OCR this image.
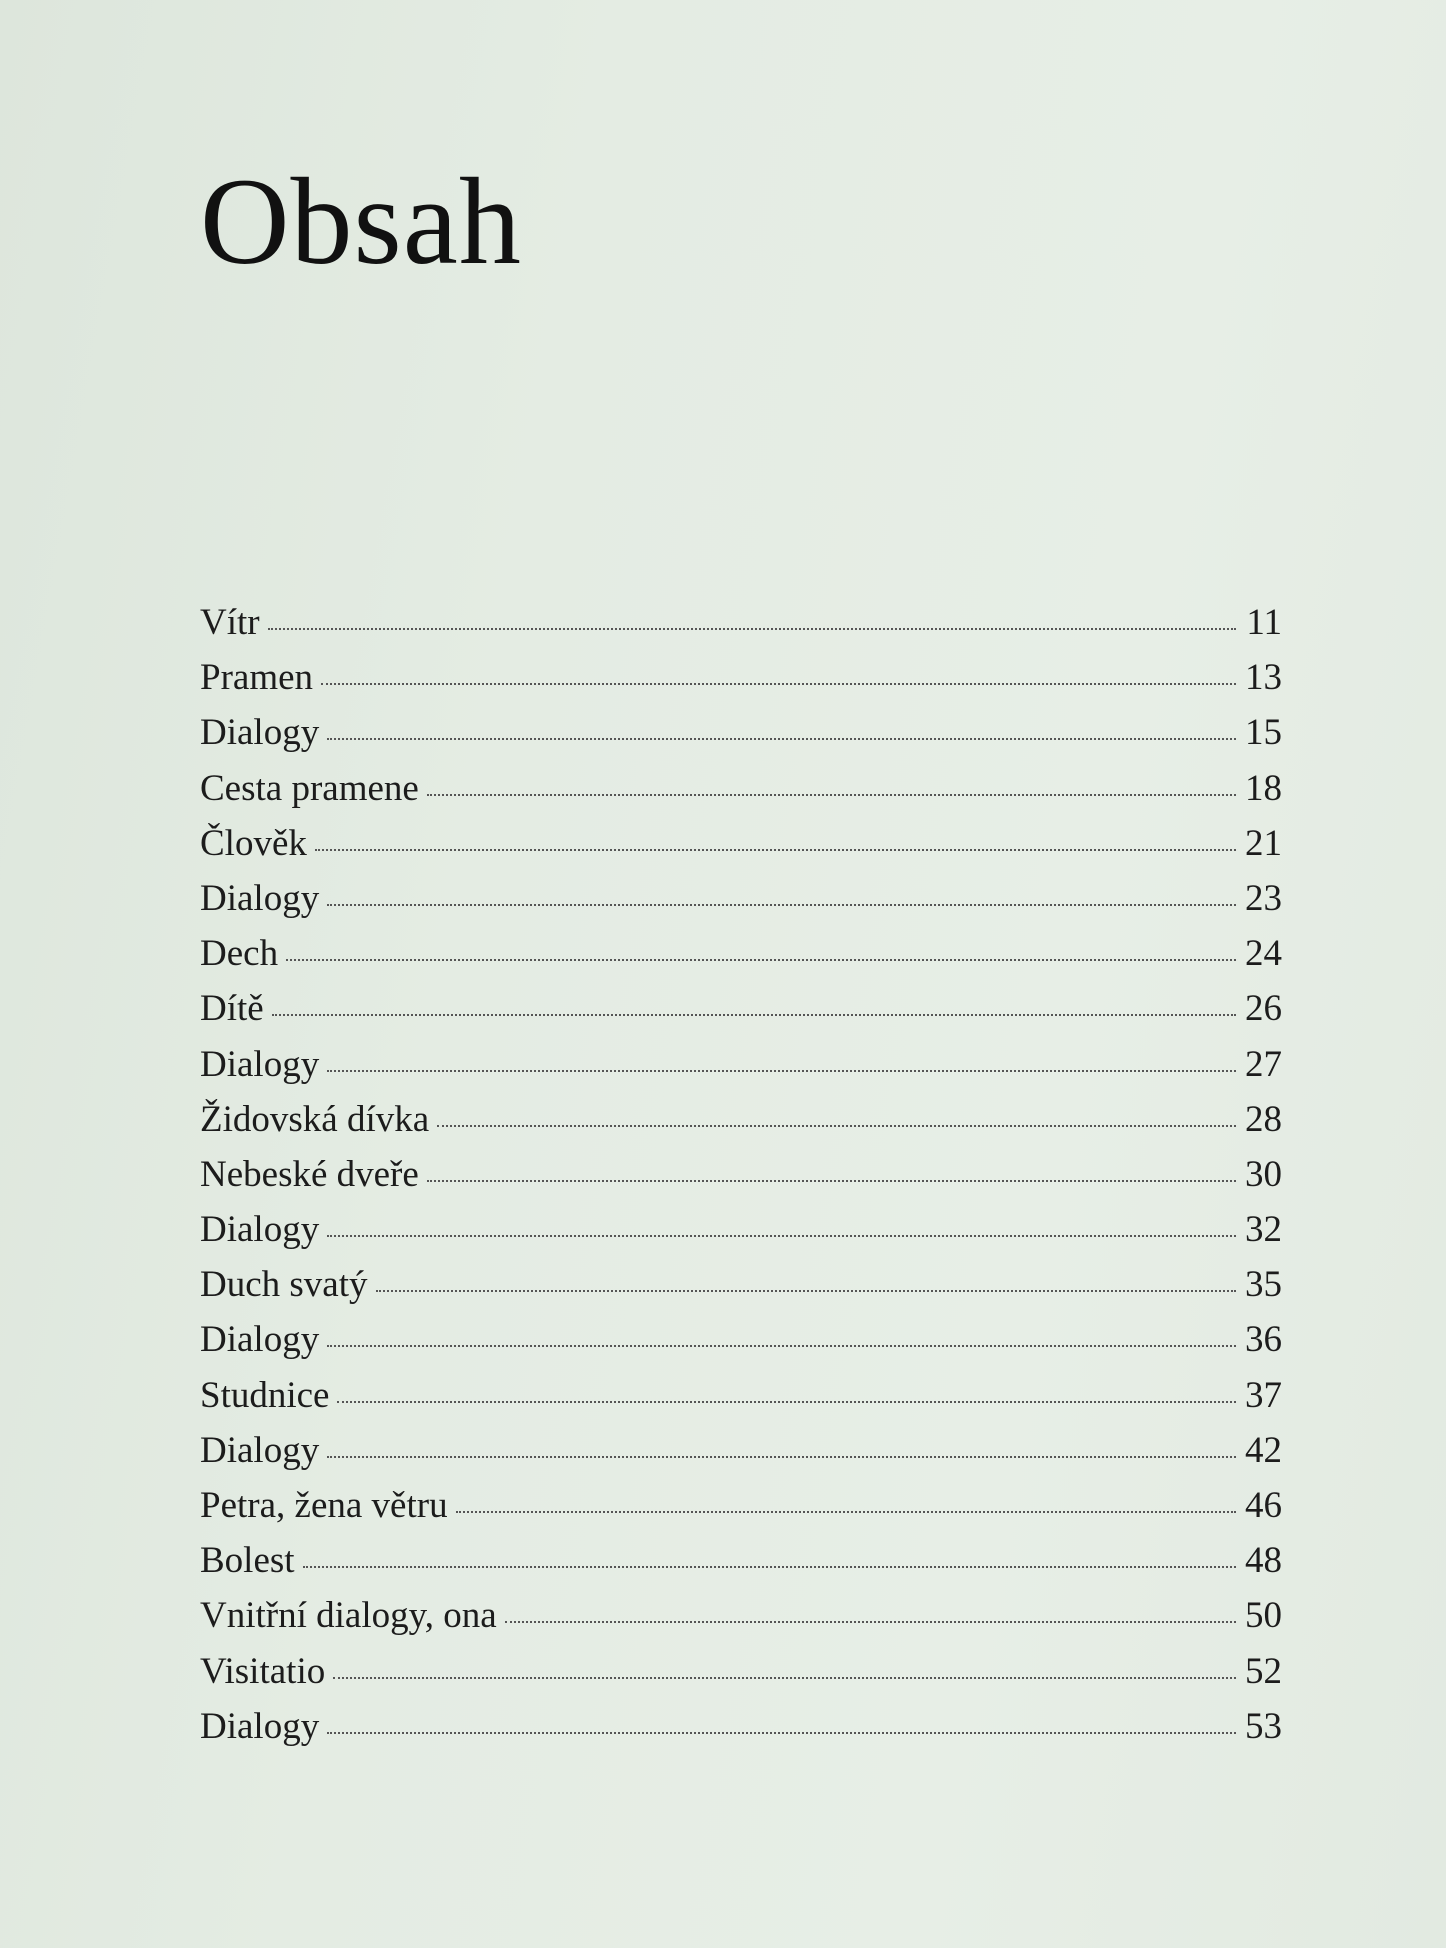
Obsah
Vítr	11
Pramen	13
Dialogy	15
Cesta pramene	18
Člověk	21
Dialogy	23
Dech	24
Dítě	26
Dialogy	27
Židovská dívka	28
Nebeské dveře	30
Dialogy	32
Duch svatý	35
Dialogy	36
Studnice	37
Dialogy	42
Petra, žena větru	46
Bolest	48
Vnitřní dialogy, ona	50
Visitatio	52
Dialogy	53
